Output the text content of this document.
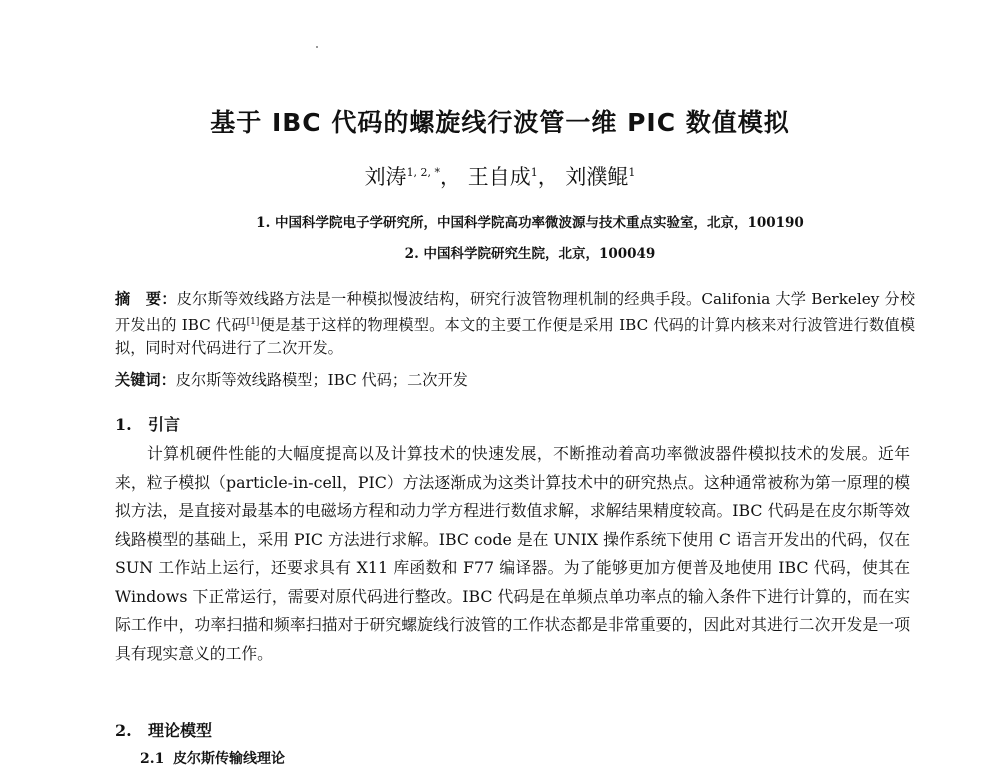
基于 IBC 代码的螺旋线行波管一维 PIC 数值模拟
刘涛$^{1, 2, *}$， 王自成$^1$， 刘濮鲲$^1$
1. 中国科学院电子学研究所，中国科学院高功率微波源与技术重点实验室，北京，100190
2. 中国科学院研究生院，北京，100049
摘　要：皮尔斯等效线路方法是一种模拟慢波结构，研究行波管物理机制的经典手段。Califonia 大学 Berkeley 分校开发出的 IBC 代码[1]便是基于这样的物理模型。本文的主要工作便是采用 IBC 代码的计算内核来对行波管进行数值模拟，同时对代码进行了二次开发。
关键词：皮尔斯等效线路模型；IBC 代码；二次开发
1. 引言
计算机硬件性能的大幅度提高以及计算技术的快速发展，不断推动着高功率微波器件模拟技术的发展。近年来，粒子模拟（particle-in-cell，PIC）方法逐渐成为这类计算技术中的研究热点。这种通常被称为第一原理的模拟方法，是直接对最基本的电磁场方程和动力学方程进行数值求解，求解结果精度较高。IBC 代码是在皮尔斯等效线路模型的基础上，采用 PIC 方法进行求解。IBC code 是在 UNIX 操作系统下使用 C 语言开发出的代码，仅在 SUN 工作站上运行，还要求具有 X11 库函数和 F77 编译器。为了能够更加方便普及地使用 IBC 代码，使其在 Windows 下正常运行，需要对原代码进行整改。IBC 代码是在单频点单功率点的输入条件下进行计算的，而在实际工作中，功率扫描和频率扫描对于研究螺旋线行波管的工作状态都是非常重要的，因此对其进行二次开发是一项具有现实意义的工作。
2. 理论模型
2.1 皮尔斯传输线理论
